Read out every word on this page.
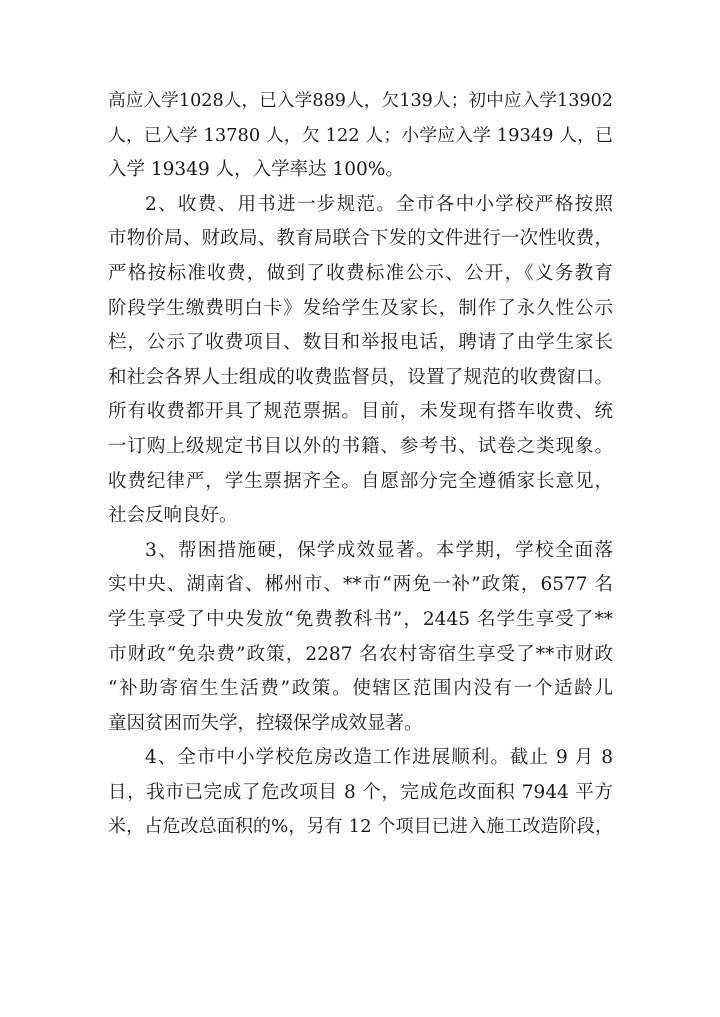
高应入学1028人，已入学889人，欠139人；初中应入学13902
人，已入学 13780 人，欠 122 人；小学应入学 19349 人，已
入学 19349 人，入学率达 100%。
2、收费、用书进一步规范。全市各中小学校严格按照
市物价局、财政局、教育局联合下发的文件进行一次性收费，
严格按标准收费，做到了收费标准公示、公开，《义务教育
阶段学生缴费明白卡》发给学生及家长，制作了永久性公示
栏，公示了收费项目、数目和举报电话，聘请了由学生家长
和社会各界人士组成的收费监督员，设置了规范的收费窗口。
所有收费都开具了规范票据。目前，未发现有搭车收费、统
一订购上级规定书目以外的书籍、参考书、试卷之类现象。
收费纪律严，学生票据齐全。自愿部分完全遵循家长意见，
社会反响良好。
3、帮困措施硬，保学成效显著。本学期，学校全面落
实中央、湖南省、郴州市、**市“两免一补”政策，6577 名
学生享受了中央发放“免费教科书”，2445 名学生享受了**
市财政“免杂费”政策，2287 名农村寄宿生享受了**市财政
“补助寄宿生生活费”政策。使辖区范围内没有一个适龄儿
童因贫困而失学，控辍保学成效显著。
4、全市中小学校危房改造工作进展顺利。截止 9 月 8
日，我市已完成了危改项目 8 个，完成危改面积 7944 平方
米，占危改总面积的%，另有 12 个项目已进入施工改造阶段，
